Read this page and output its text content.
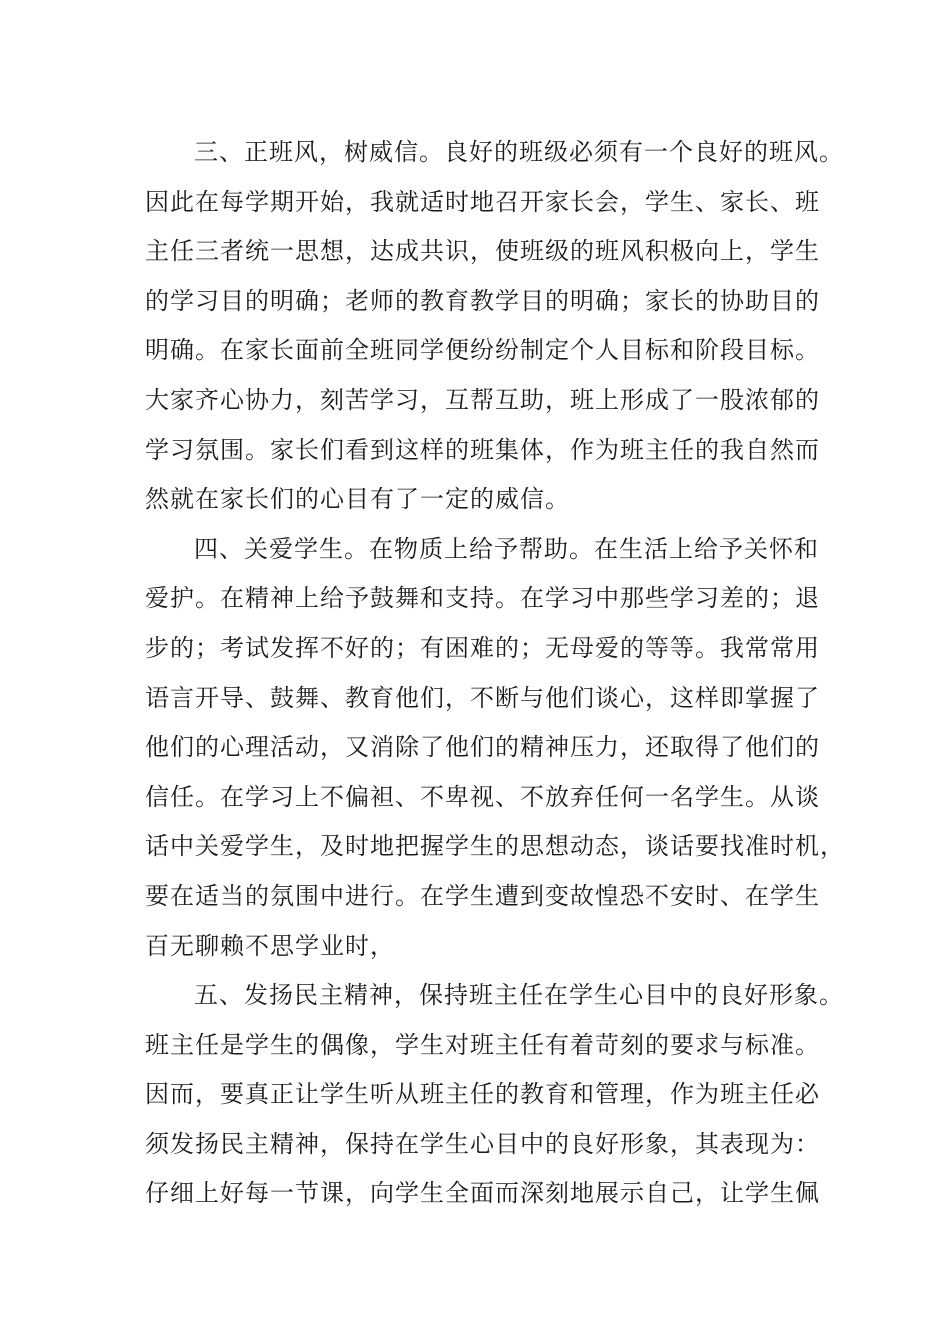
三、正班风，树威信。良好的班级必须有一个良好的班风。
因此在每学期开始，我就适时地召开家长会，学生、家长、班
主任三者统一思想，达成共识，使班级的班风积极向上，学生
的学习目的明确；老师的教育教学目的明确；家长的协助目的
明确。在家长面前全班同学便纷纷制定个人目标和阶段目标。
大家齐心协力，刻苦学习，互帮互助，班上形成了一股浓郁的
学习氛围。家长们看到这样的班集体，作为班主任的我自然而
然就在家长们的心目有了一定的威信。
四、关爱学生。在物质上给予帮助。在生活上给予关怀和
爱护。在精神上给予鼓舞和支持。在学习中那些学习差的；退
步的；考试发挥不好的；有困难的；无母爱的等等。我常常用
语言开导、鼓舞、教育他们，不断与他们谈心，这样即掌握了
他们的心理活动，又消除了他们的精神压力，还取得了他们的
信任。在学习上不偏袒、不卑视、不放弃任何一名学生。从谈
话中关爱学生，及时地把握学生的思想动态，谈话要找准时机，
要在适当的氛围中进行。在学生遭到变故惶恐不安时、在学生
百无聊赖不思学业时，
五、发扬民主精神，保持班主任在学生心目中的良好形象。
班主任是学生的偶像，学生对班主任有着苛刻的要求与标准。
因而，要真正让学生听从班主任的教育和管理，作为班主任必
须发扬民主精神，保持在学生心目中的良好形象，其表现为：
仔细上好每一节课，向学生全面而深刻地展示自己，让学生佩
